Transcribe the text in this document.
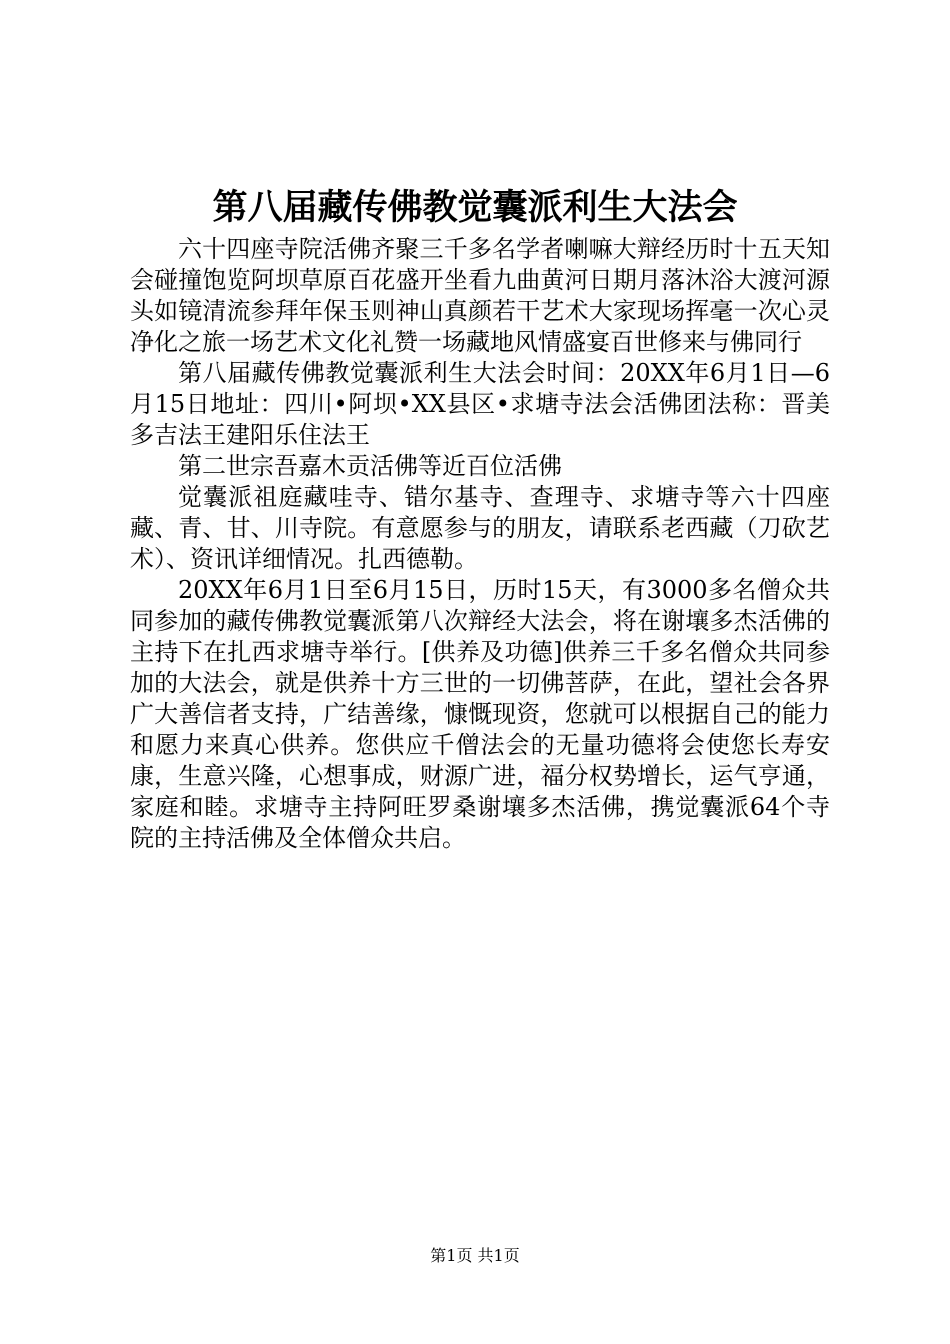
第八届藏传佛教觉囊派利生大法会

六十四座寺院活佛齐聚三千多名学者喇嘛大辩经历时十五天知会碰撞饱览阿坝草原百花盛开坐看九曲黄河日期月落沐浴大渡河源头如镜清流参拜年保玉则神山真颜若干艺术大家现场挥毫一次心灵净化之旅一场艺术文化礼赞一场藏地风情盛宴百世修来与佛同行

第八届藏传佛教觉囊派利生大法会时间：20XX年6月1日—6月15日地址：四川•阿坝•XX县区•求塘寺法会活佛团法称：晋美多吉法王建阳乐住法王

第二世宗吾嘉木贡活佛等近百位活佛

觉囊派祖庭藏哇寺、错尔基寺、查理寺、求塘寺等六十四座藏、青、甘、川寺院。有意愿参与的朋友，请联系老西藏（刀砍艺术）、资讯详细情况。扎西德勒。

20XX年6月1日至6月15日，历时15天，有3000多名僧众共同参加的藏传佛教觉囊派第八次辩经大法会，将在谢壤多杰活佛的主持下在扎西求塘寺举行。[供养及功德]供养三千多名僧众共同参加的大法会，就是供养十方三世的一切佛菩萨，在此，望社会各界广大善信者支持，广结善缘，慷慨现资，您就可以根据自己的能力和愿力来真心供养。您供应千僧法会的无量功德将会使您长寿安康，生意兴隆，心想事成，财源广进，福分权势增长，运气亨通，家庭和睦。求塘寺主持阿旺罗桑谢壤多杰活佛，携觉囊派64个寺院的主持活佛及全体僧众共启。

第1页 共1页
